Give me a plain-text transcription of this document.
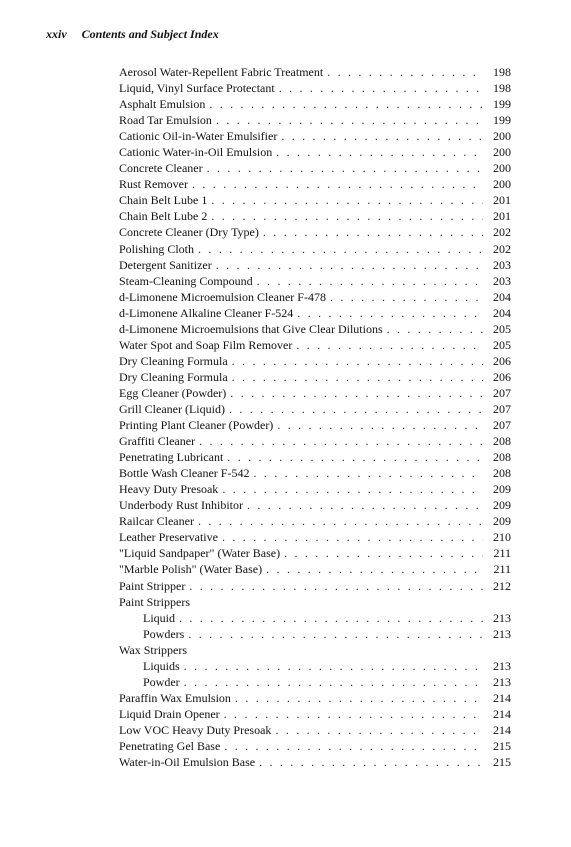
xxiv Contents and Subject Index
Aerosol Water-Repellent Fabric Treatment . . .	198
Liquid, Vinyl Surface Protectant . . .	198
Asphalt Emulsion . . .	199
Road Tar Emulsion . . .	199
Cationic Oil-in-Water Emulsifier . . .	200
Cationic Water-in-Oil Emulsion . . .	200
Concrete Cleaner . . .	200
Rust Remover . . .	200
Chain Belt Lube 1 . . .	201
Chain Belt Lube 2 . . .	201
Concrete Cleaner (Dry Type) . . .	202
Polishing Cloth . . .	202
Detergent Sanitizer . . .	203
Steam-Cleaning Compound . . .	203
d-Limonene Microemulsion Cleaner F-478 . . .	204
d-Limonene Alkaline Cleaner F-524 . . .	204
d-Limonene Microemulsions that Give Clear Dilutions . . .	205
Water Spot and Soap Film Remover . . .	205
Dry Cleaning Formula . . .	206
Dry Cleaning Formula . . .	206
Egg Cleaner (Powder) . . .	207
Grill Cleaner (Liquid) . . .	207
Printing Plant Cleaner (Powder) . . .	207
Graffiti Cleaner . . .	208
Penetrating Lubricant . . .	208
Bottle Wash Cleaner F-542 . . .	208
Heavy Duty Presoak . . .	209
Underbody Rust Inhibitor . . .	209
Railcar Cleaner . . .	209
Leather Preservative . . .	210
"Liquid Sandpaper" (Water Base) . . .	211
"Marble Polish" (Water Base) . . .	211
Paint Stripper . . .	212
Paint Strippers
Liquid . . .	213
Powders . . .	213
Wax Strippers
Liquids . . .	213
Powder . . .	213
Paraffin Wax Emulsion . . .	214
Liquid Drain Opener . . .	214
Low VOC Heavy Duty Presoak . . .	214
Penetrating Gel Base . . .	215
Water-in-Oil Emulsion Base . . .	215
